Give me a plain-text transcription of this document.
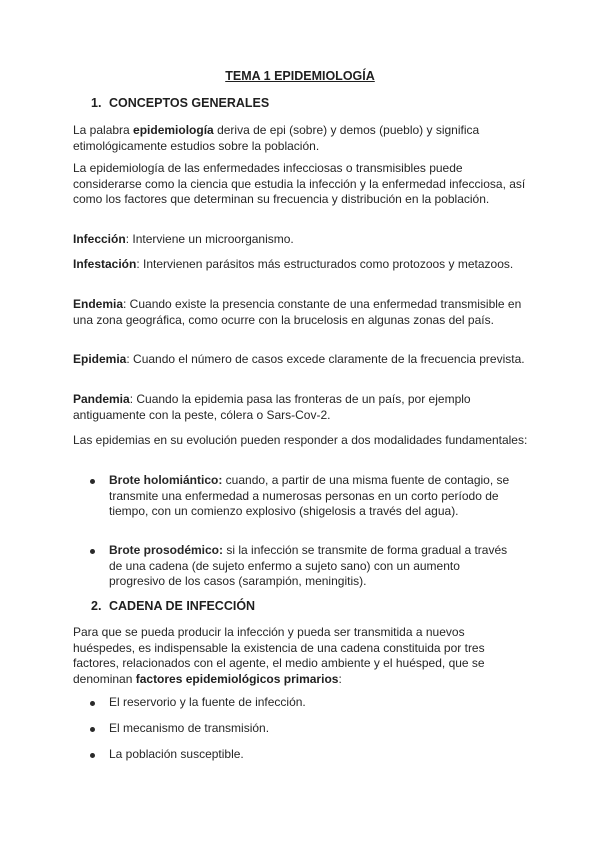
TEMA 1 EPIDEMIOLOGÍA
1. CONCEPTOS GENERALES

La palabra epidemiología deriva de epi (sobre) y demos (pueblo) y significa etimológicamente estudios sobre la población.

La epidemiología de las enfermedades infecciosas o transmisibles puede considerarse como la ciencia que estudia la infección y la enfermedad infecciosa, así como los factores que determinan su frecuencia y distribución en la población.

Infección: Interviene un microorganismo.

Infestación: Intervienen parásitos más estructurados como protozoos y metazoos.

Endemia: Cuando existe la presencia constante de una enfermedad transmisible en una zona geográfica, como ocurre con la brucelosis en algunas zonas del país.

Epidemia: Cuando el número de casos excede claramente de la frecuencia prevista.

Pandemia: Cuando la epidemia pasa las fronteras de un país, por ejemplo antiguamente con la peste, cólera o Sars-Cov-2.

Las epidemias en su evolución pueden responder a dos modalidades fundamentales:

Brote holomiántico: cuando, a partir de una misma fuente de contagio, se transmite una enfermedad a numerosas personas en un corto período de tiempo, con un comienzo explosivo (shigelosis a través del agua).

Brote prosodémico: si la infección se transmite de forma gradual a través de una cadena (de sujeto enfermo a sujeto sano) con un aumento progresivo de los casos (sarampión, meningitis).

2. CADENA DE INFECCIÓN

Para que se pueda producir la infección y pueda ser transmitida a nuevos huéspedes, es indispensable la existencia de una cadena constituida por tres factores, relacionados con el agente, el medio ambiente y el huésped, que se denominan factores epidemiológicos primarios:

El reservorio y la fuente de infección.

El mecanismo de transmisión.

La población susceptible.
